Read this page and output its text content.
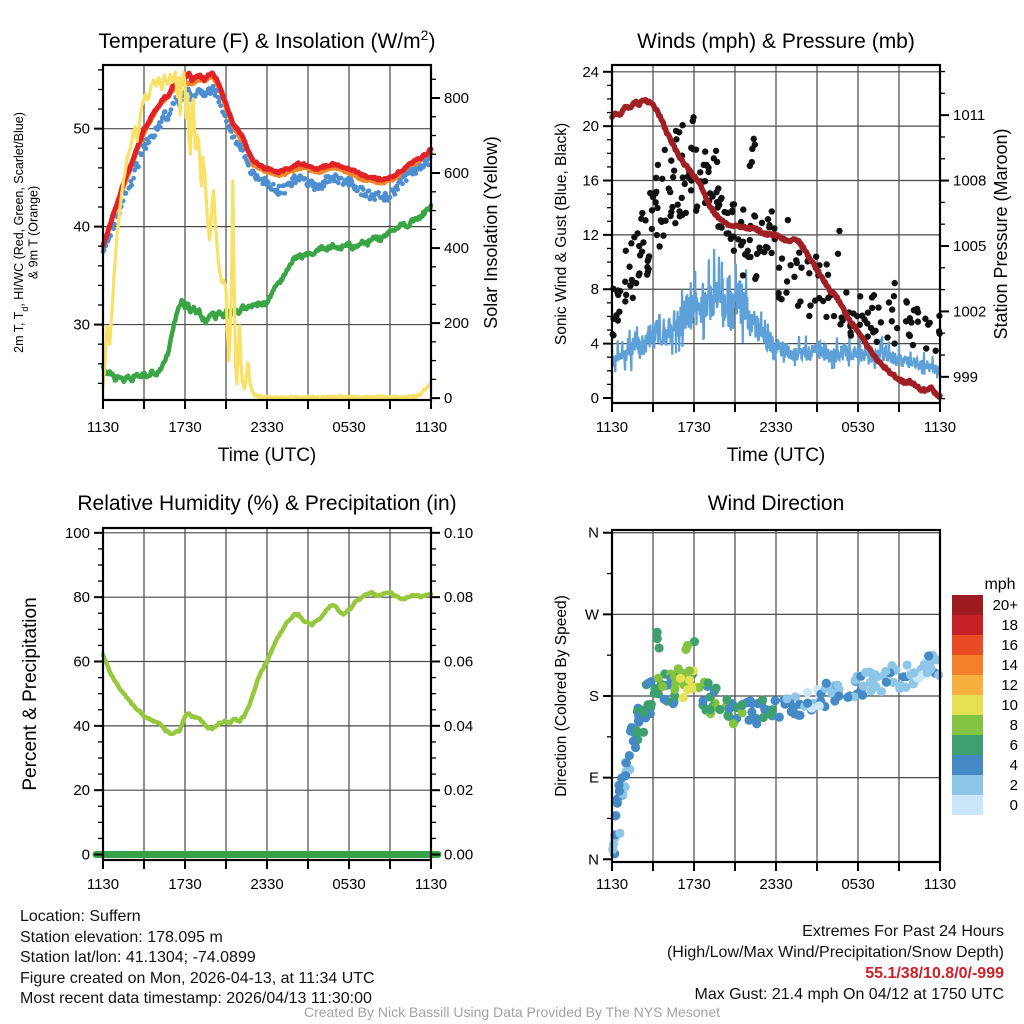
1130	1730	2330	0530	1130
Time (UTC)
30
40
50
0
200
400
600
800
Temperature (F) & Insolation $(W/m^2)$
2m T, $T_d$, HI/WC (Red, Green, Scarlet/Blue)& 9m T (Orange)	Solar Insolation (Yellow)
1130	1730	2330	0530	1130
Time (UTC)
0
4
8
12
16
20
24
999
1002
1005
1008
1011
Winds (mph) & Pressure (mb)
Sonic Wind & Gust (Blue, Black)	Station Pressure (Maroon)
1130	1730	2330	0530	1130
0
20
40
60
80
100
0.00
0.02
0.04
0.06
0.08
0.10
Relative Humidity (%) & Precipitation (in)
Percent & Precipitation
1130	1730	2330	0530	1130
N
E
S
W
N
Wind Direction
Direction (Colored By Speed)
mph
20+
18
16
14
12
10
8
6
4
2
0
Location: Suffern
Station elevation: 178.095 m
Station lat/lon: 41.1304; -74.0899
Figure created on Mon, 2026-04-13, at 11:34 UTC
Most recent data timestamp: 2026/04/13 11:30:00
Extremes For Past 24 Hours
(High/Low/Max Wind/Precipitation/Snow Depth)
55.1/38/10.8/0/-999
Max Gust: 21.4 mph On 04/12 at 1750 UTC
Created By Nick Bassill Using Data Provided By The NYS Mesonet
